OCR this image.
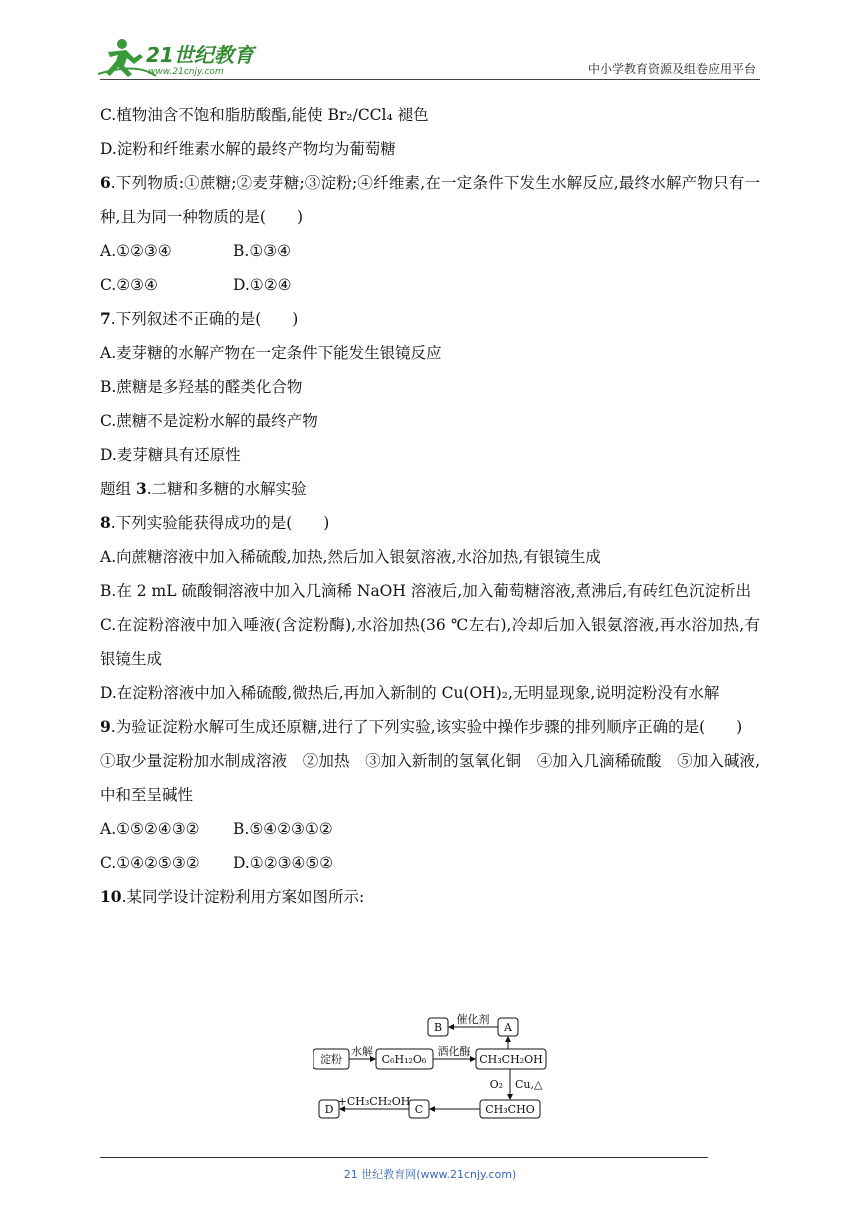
21世纪教育
www.21cnjy.com	中小学教育资源及组卷应用平台
C.植物油含不饱和脂肪酸酯,能使 Br₂/CCl₄ 褪色
D.淀粉和纤维素水解的最终产物均为葡萄糖
6.下列物质:①蔗糖;②麦芽糖;③淀粉;④纤维素,在一定条件下发生水解反应,最终水解产物只有一种,且为同一种物质的是(　　)
A.①②③④	B.①③④
C.②③④	D.①②④
7.下列叙述不正确的是(　　)
A.麦芽糖的水解产物在一定条件下能发生银镜反应
B.蔗糖是多羟基的醛类化合物
C.蔗糖不是淀粉水解的最终产物
D.麦芽糖具有还原性
题组 3.二糖和多糖的水解实验
8.下列实验能获得成功的是(　　)
A.向蔗糖溶液中加入稀硫酸,加热,然后加入银氨溶液,水浴加热,有银镜生成
B.在 2 mL 硫酸铜溶液中加入几滴稀 NaOH 溶液后,加入葡萄糖溶液,煮沸后,有砖红色沉淀析出
C.在淀粉溶液中加入唾液(含淀粉酶),水浴加热(36 ℃左右),冷却后加入银氨溶液,再水浴加热,有银镜生成
D.在淀粉溶液中加入稀硫酸,微热后,再加入新制的 Cu(OH)₂,无明显现象,说明淀粉没有水解
9.为验证淀粉水解可生成还原糖,进行了下列实验,该实验中操作步骤的排列顺序正确的是(　　)
①取少量淀粉加水制成溶液　②加热　③加入新制的氢氧化铜　④加入几滴稀硫酸　⑤加入碱液,中和至呈碱性
A.①⑤②④③② B.⑤④②③①②
C.①④②⑤③② D.①②③④⑤②
10.某同学设计淀粉利用方案如图所示:
淀粉
水解
C₆H₁₂O₆
酒化酶
CH₃CH₂OH
A
B
催化剂
O₂ Cu,△
CH₃CHO
C
+CH₃CH₂OH
D
21 世纪教育网(www.21cnjy.com)
